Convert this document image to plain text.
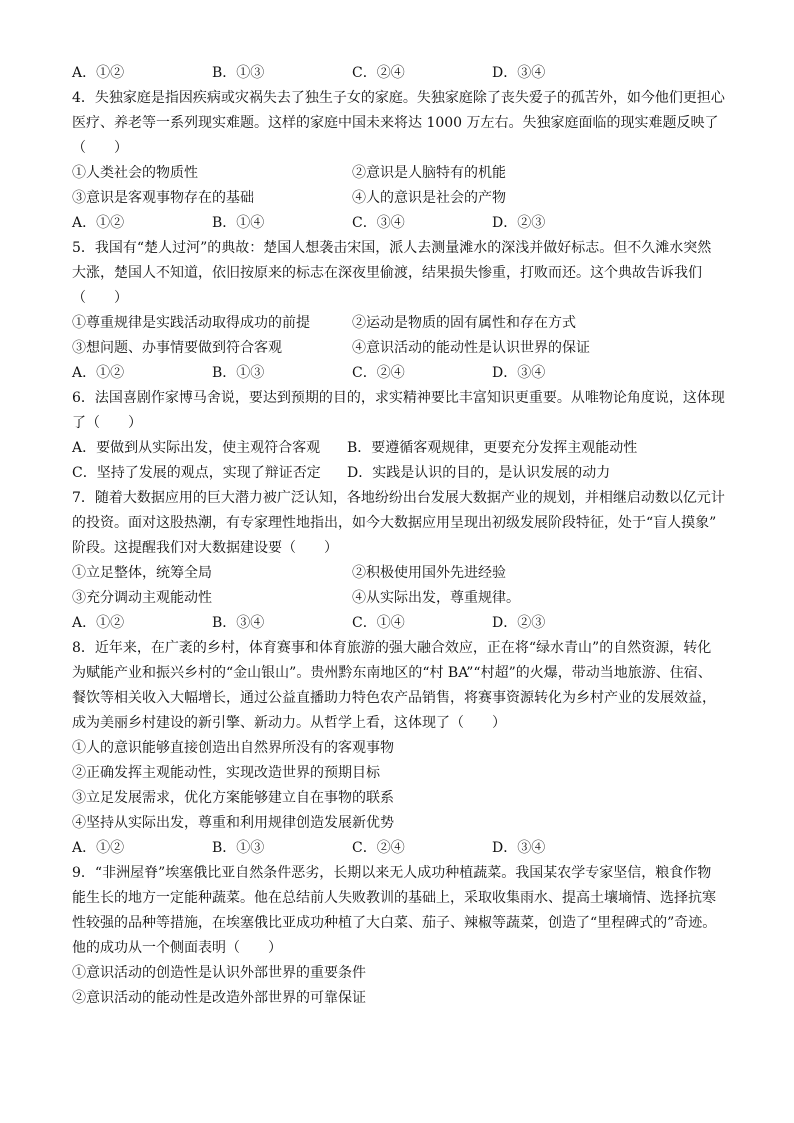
A．①②	B．①③	C．②④	D．③④
4．失独家庭是指因疾病或灾祸失去了独生子女的家庭。失独家庭除了丧失爱子的孤苦外，如今他们更担心
医疗、养老等一系列现实难题。这样的家庭中国未来将达 1000 万左右。失独家庭面临的现实难题反映了
（　　）
①人类社会的物质性	②意识是人脑特有的机能
③意识是客观事物存在的基础	④人的意识是社会的产物
A．①②	B．①④	C．③④	D．②③
5．我国有“楚人过河”的典故：楚国人想袭击宋国，派人去测量滩水的深浅并做好标志。但不久滩水突然
大涨，楚国人不知道，依旧按原来的标志在深夜里偷渡，结果损失惨重，打败而还。这个典故告诉我们
（　　）
①尊重规律是实践活动取得成功的前提	②运动是物质的固有属性和存在方式
③想问题、办事情要做到符合客观	④意识活动的能动性是认识世界的保证
A．①②	B．①③	C．②④	D．③④
6．法国喜剧作家博马舍说，要达到预期的目的，求实精神要比丰富知识更重要。从唯物论角度说，这体现
了（　　）
A．要做到从实际出发，使主观符合客观	B．要遵循客观规律，更要充分发挥主观能动性
C．坚持了发展的观点，实现了辩证否定	D．实践是认识的目的，是认识发展的动力
7．随着大数据应用的巨大潜力被广泛认知，各地纷纷出台发展大数据产业的规划，并相继启动数以亿元计
的投资。面对这股热潮，有专家理性地指出，如今大数据应用呈现出初级发展阶段特征，处于“盲人摸象”
阶段。这提醒我们对大数据建设要（　　）
①立足整体，统筹全局	②积极使用国外先进经验
③充分调动主观能动性	④从实际出发，尊重规律。
A．①②	B．③④	C．①④	D．②③
8．近年来，在广袤的乡村，体育赛事和体育旅游的强大融合效应，正在将“绿水青山”的自然资源，转化
为赋能产业和振兴乡村的“金山银山”。贵州黔东南地区的“村 BA”“村超”的火爆，带动当地旅游、住宿、
餐饮等相关收入大幅增长，通过公益直播助力特色农产品销售，将赛事资源转化为乡村产业的发展效益，
成为美丽乡村建设的新引擎、新动力。从哲学上看，这体现了（　　）
①人的意识能够直接创造出自然界所没有的客观事物
②正确发挥主观能动性，实现改造世界的预期目标
③立足发展需求，优化方案能够建立自在事物的联系
④坚持从实际出发，尊重和利用规律创造发展新优势
A．①②	B．①③	C．②④	D．③④
9．“非洲屋脊”埃塞俄比亚自然条件恶劣，长期以来无人成功种植蔬菜。我国某农学专家坚信，粮食作物
能生长的地方一定能种蔬菜。他在总结前人失败教训的基础上，采取收集雨水、提高土壤墒情、选择抗寒
性较强的品种等措施，在埃塞俄比亚成功种植了大白菜、茄子、辣椒等蔬菜，创造了“里程碑式的”奇迹。
他的成功从一个侧面表明（　　）
①意识活动的创造性是认识外部世界的重要条件
②意识活动的能动性是改造外部世界的可靠保证
